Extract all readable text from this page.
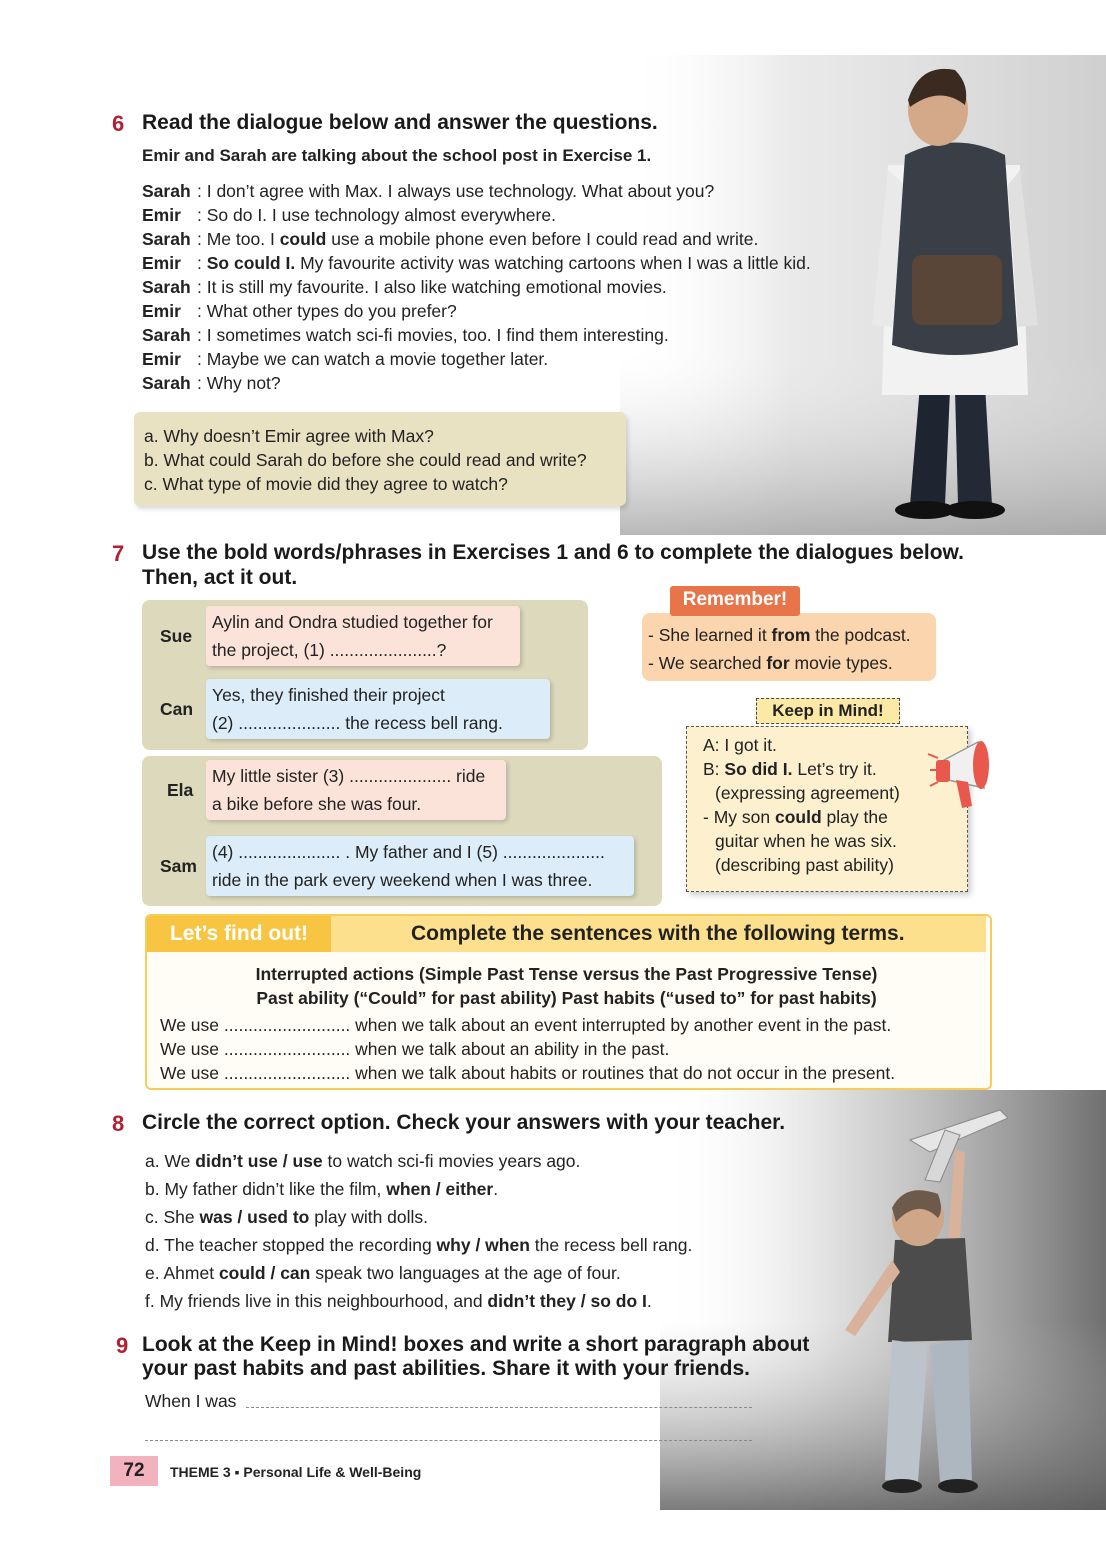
6 Read the dialogue below and answer the questions.
Emir and Sarah are talking about the school post in Exercise 1.
Sarah : I don’t agree with Max. I always use technology. What about you?
Emir : So do I. I use technology almost everywhere.
Sarah : Me too. I could use a mobile phone even before I could read and write.
Emir : So could I. My favourite activity was watching cartoons when I was a little kid.
Sarah : It is still my favourite. I also like watching emotional movies.
Emir : What other types do you prefer?
Sarah : I sometimes watch sci-fi movies, too. I find them interesting.
Emir : Maybe we can watch a movie together later.
Sarah : Why not?
a. Why doesn’t Emir agree with Max?
b. What could Sarah do before she could read and write?
c. What type of movie did they agree to watch?
7 Use the bold words/phrases in Exercises 1 and 6 to complete the dialogues below.
Then, act it out.
Sue
Aylin and Ondra studied together for
the project, (1) ......................?
Can
Yes, they finished their project
(2) ..................... the recess bell rang.
Ela
My little sister (3) ..................... ride
a bike before she was four.
Sam
(4) ..................... . My father and I (5) .....................
ride in the park every weekend when I was three.
- She learned it from the podcast.
- We searched for movie types.
Remember!
A: I got it.
B: So did I. Let’s try it.
(expressing agreement)
- My son could play the
guitar when he was six.
(describing past ability)
Keep in Mind!
Let’s find out!	Complete the sentences with the following terms.
Interrupted actions (Simple Past Tense versus the Past Progressive Tense)
Past ability (“Could” for past ability) Past habits (“used to” for past habits)
We use .......................... when we talk about an event interrupted by another event in the past.
We use .......................... when we talk about an ability in the past.
We use .......................... when we talk about habits or routines that do not occur in the present.
8 Circle the correct option. Check your answers with your teacher.
a. We didn’t use / use to watch sci-fi movies years ago.
b. My father didn’t like the film, when / either.
c. She was / used to play with dolls.
d. The teacher stopped the recording why / when the recess bell rang.
e. Ahmet could / can speak two languages at the age of four.
f. My friends live in this neighbourhood, and didn’t they / so do I.
9 Look at the Keep in Mind! boxes and write a short paragraph about
your past habits and past abilities. Share it with your friends.
When I was
72	THEME 3 ▪ Personal Life & Well-Being
